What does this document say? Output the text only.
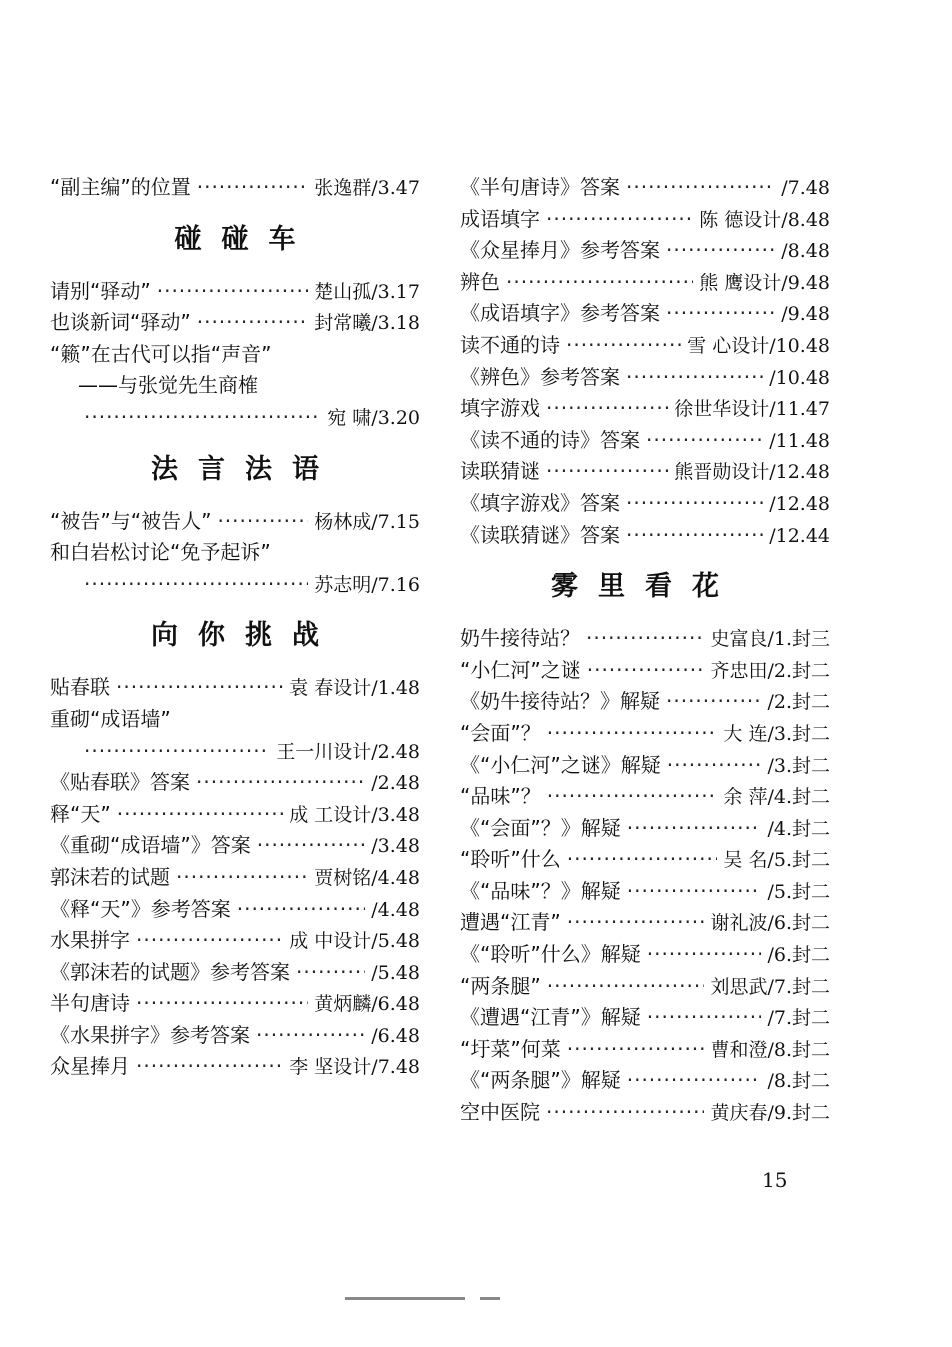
“副主编”的位置 ·····	张逸群/3.47
碰碰车
请别“驿动” ·····	楚山孤/3.17
也谈新词“驿动” ·····	封常曦/3.18
“籁”在古代可以指“声音”
——与张觉先生商榷
·····
宛 啸/3.20
法言法语
“被告”与“被告人” ·····	杨林成/7.15
和白岩松讨论“免予起诉”
·····
苏志明/7.16
向你挑战
贴春联 ·····	袁 春设计/1.48
重砌“成语墙”
·····
王一川设计/2.48
《贴春联》答案 ·····	/2.48
释“天” ·····	成 工设计/3.48
《重砌“成语墙”》答案 ·····	/3.48
郭沫若的试题 ·····	贾树铭/4.48
《释“天”》参考答案 ·····	/4.48
水果拼字 ·····	成 中设计/5.48
《郭沫若的试题》参考答案 ·····	/5.48
半句唐诗 ·····	黄炳麟/6.48
《水果拼字》参考答案 ·····	/6.48
众星捧月 ·····	李 坚设计/7.48
《半句唐诗》答案 ·····	/7.48
成语填字 ·····	陈 德设计/8.48
《众星捧月》参考答案 ·····	/8.48
辨色 ·····	熊 鹰设计/9.48
《成语填字》参考答案 ·····	/9.48
读不通的诗 ·····	雪 心设计/10.48
《辨色》参考答案 ·····	/10.48
填字游戏 ·····	徐世华设计/11.47
《读不通的诗》答案 ·····	/11.48
读联猜谜 ·····	熊晋勋设计/12.48
《填字游戏》答案 ·····	/12.48
《读联猜谜》答案 ·····	/12.44
雾里看花
奶牛接待站？ ·····	史富良/1.封三
“小仁河”之谜 ·····	齐忠田/2.封二
《奶牛接待站？》解疑 ·····	/2.封二
“会面”？ ·····	大 连/3.封二
《“小仁河”之谜》解疑 ·····	/3.封二
“品味”？ ·····	余 萍/4.封二
《“会面”？》解疑 ·····	/4.封二
“聆听”什么 ·····	吴 名/5.封二
《“品味”？》解疑 ·····	/5.封二
遭遇“江青” ·····	谢礼波/6.封二
《“聆听”什么》解疑 ·····	/6.封二
“两条腿” ·····	刘思武/7.封二
《遭遇“江青”》解疑 ·····	/7.封二
“圩菜”何菜 ·····	曹和澄/8.封二
《“两条腿”》解疑 ·····	/8.封二
空中医院 ·····	黄庆春/9.封二
15
